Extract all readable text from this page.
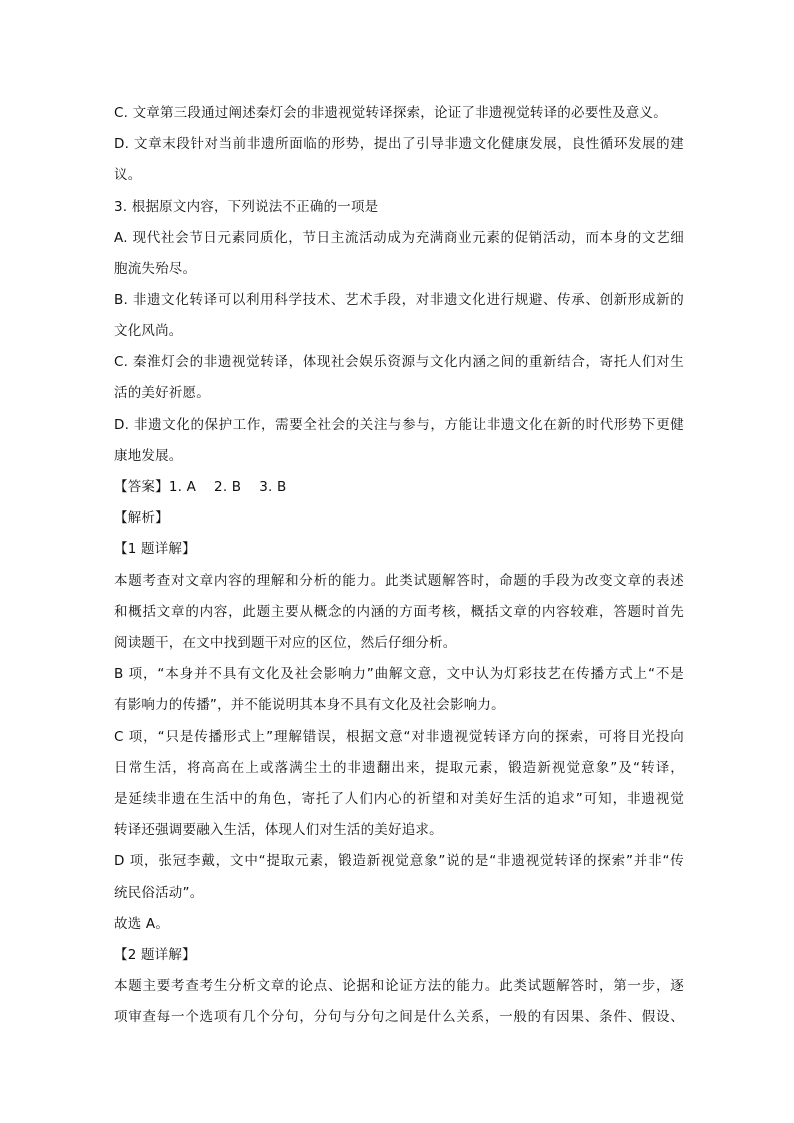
C. 文章第三段通过阐述秦灯会的非遗视觉转译探索，论证了非遗视觉转译的必要性及意义。
D. 文章末段针对当前非遗所面临的形势，提出了引导非遗文化健康发展，良性循环发展的建
议。
3. 根据原文内容，下列说法不正确的一项是
A. 现代社会节日元素同质化，节日主流活动成为充满商业元素的促销活动，而本身的文艺细
胞流失殆尽。
B. 非遗文化转译可以利用科学技术、艺术手段，对非遗文化进行规避、传承、创新形成新的
文化风尚。
C. 秦淮灯会的非遗视觉转译，体现社会娱乐资源与文化内涵之间的重新结合，寄托人们对生
活的美好祈愿。
D. 非遗文化的保护工作，需要全社会的关注与参与，方能让非遗文化在新的时代形势下更健
康地发展。
【答案】1. A 2. B 3. B
【解析】
【1 题详解】
本题考查对文章内容的理解和分析的能力。此类试题解答时，命题的手段为改变文章的表述
和概括文章的内容，此题主要从概念的内涵的方面考核，概括文章的内容较难，答题时首先
阅读题干，在文中找到题干对应的区位，然后仔细分析。
B 项，“本身并不具有文化及社会影响力”曲解文意，文中认为灯彩技艺在传播方式上“不是
有影响力的传播”，并不能说明其本身不具有文化及社会影响力。
C 项，“只是传播形式上”理解错误，根据文意“对非遗视觉转译方向的探索，可将目光投向
日常生活，将高高在上或落满尘土的非遗翻出来，提取元素，锻造新视觉意象”及“转译，
是延续非遗在生活中的角色，寄托了人们内心的祈望和对美好生活的追求”可知，非遗视觉
转译还强调要融入生活，体现人们对生活的美好追求。
D 项，张冠李戴，文中“提取元素，锻造新视觉意象”说的是“非遗视觉转译的探索”并非“传
统民俗活动”。
故选 A。
【2 题详解】
本题主要考查考生分析文章的论点、论据和论证方法的能力。此类试题解答时，第一步，逐
项审查每一个选项有几个分句，分句与分句之间是什么关系，一般的有因果、条件、假设、
